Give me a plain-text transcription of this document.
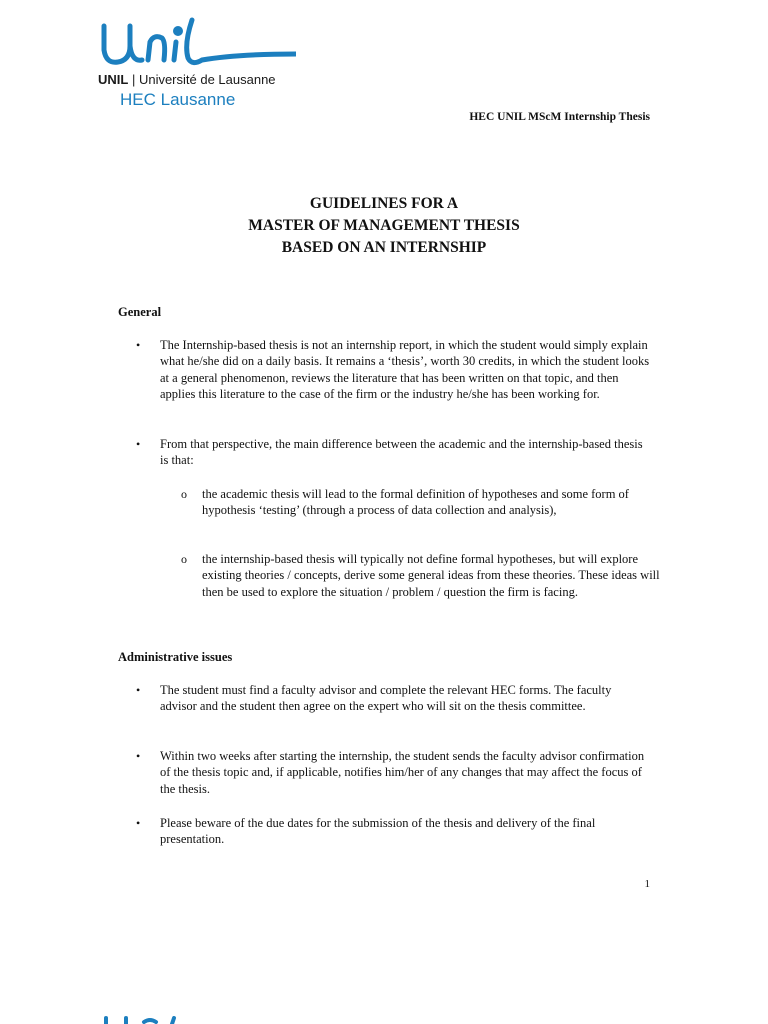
UNIL | Université de Lausanne
HEC Lausanne
HEC UNIL MScM Internship Thesis
GUIDELINES FOR A
MASTER OF MANAGEMENT THESIS
BASED ON AN INTERNSHIP
General
• The Internship-based thesis is not an internship report, in which the student would simply explain what he/she did on a daily basis. It remains a ‘thesis’, worth 30 credits, in which the student looks at a general phenomenon, reviews the literature that has been written on that topic, and then applies this literature to the case of the firm or the industry he/she has been working for.
• From that perspective, the main difference between the academic and the internship-based thesis is that:
o the academic thesis will lead to the formal definition of hypotheses and some form of hypothesis ‘testing’ (through a process of data collection and analysis),
o the internship-based thesis will typically not define formal hypotheses, but will explore existing theories / concepts, derive some general ideas from these theories. These ideas will then be used to explore the situation / problem / question the firm is facing.
Administrative issues
• The student must find a faculty advisor and complete the relevant HEC forms. The faculty advisor and the student then agree on the expert who will sit on the thesis committee.
• Within two weeks after starting the internship, the student sends the faculty advisor confirmation of the thesis topic and, if applicable, notifies him/her of any changes that may affect the focus of the thesis.
• Please beware of the due dates for the submission of the thesis and delivery of the final presentation.
1
